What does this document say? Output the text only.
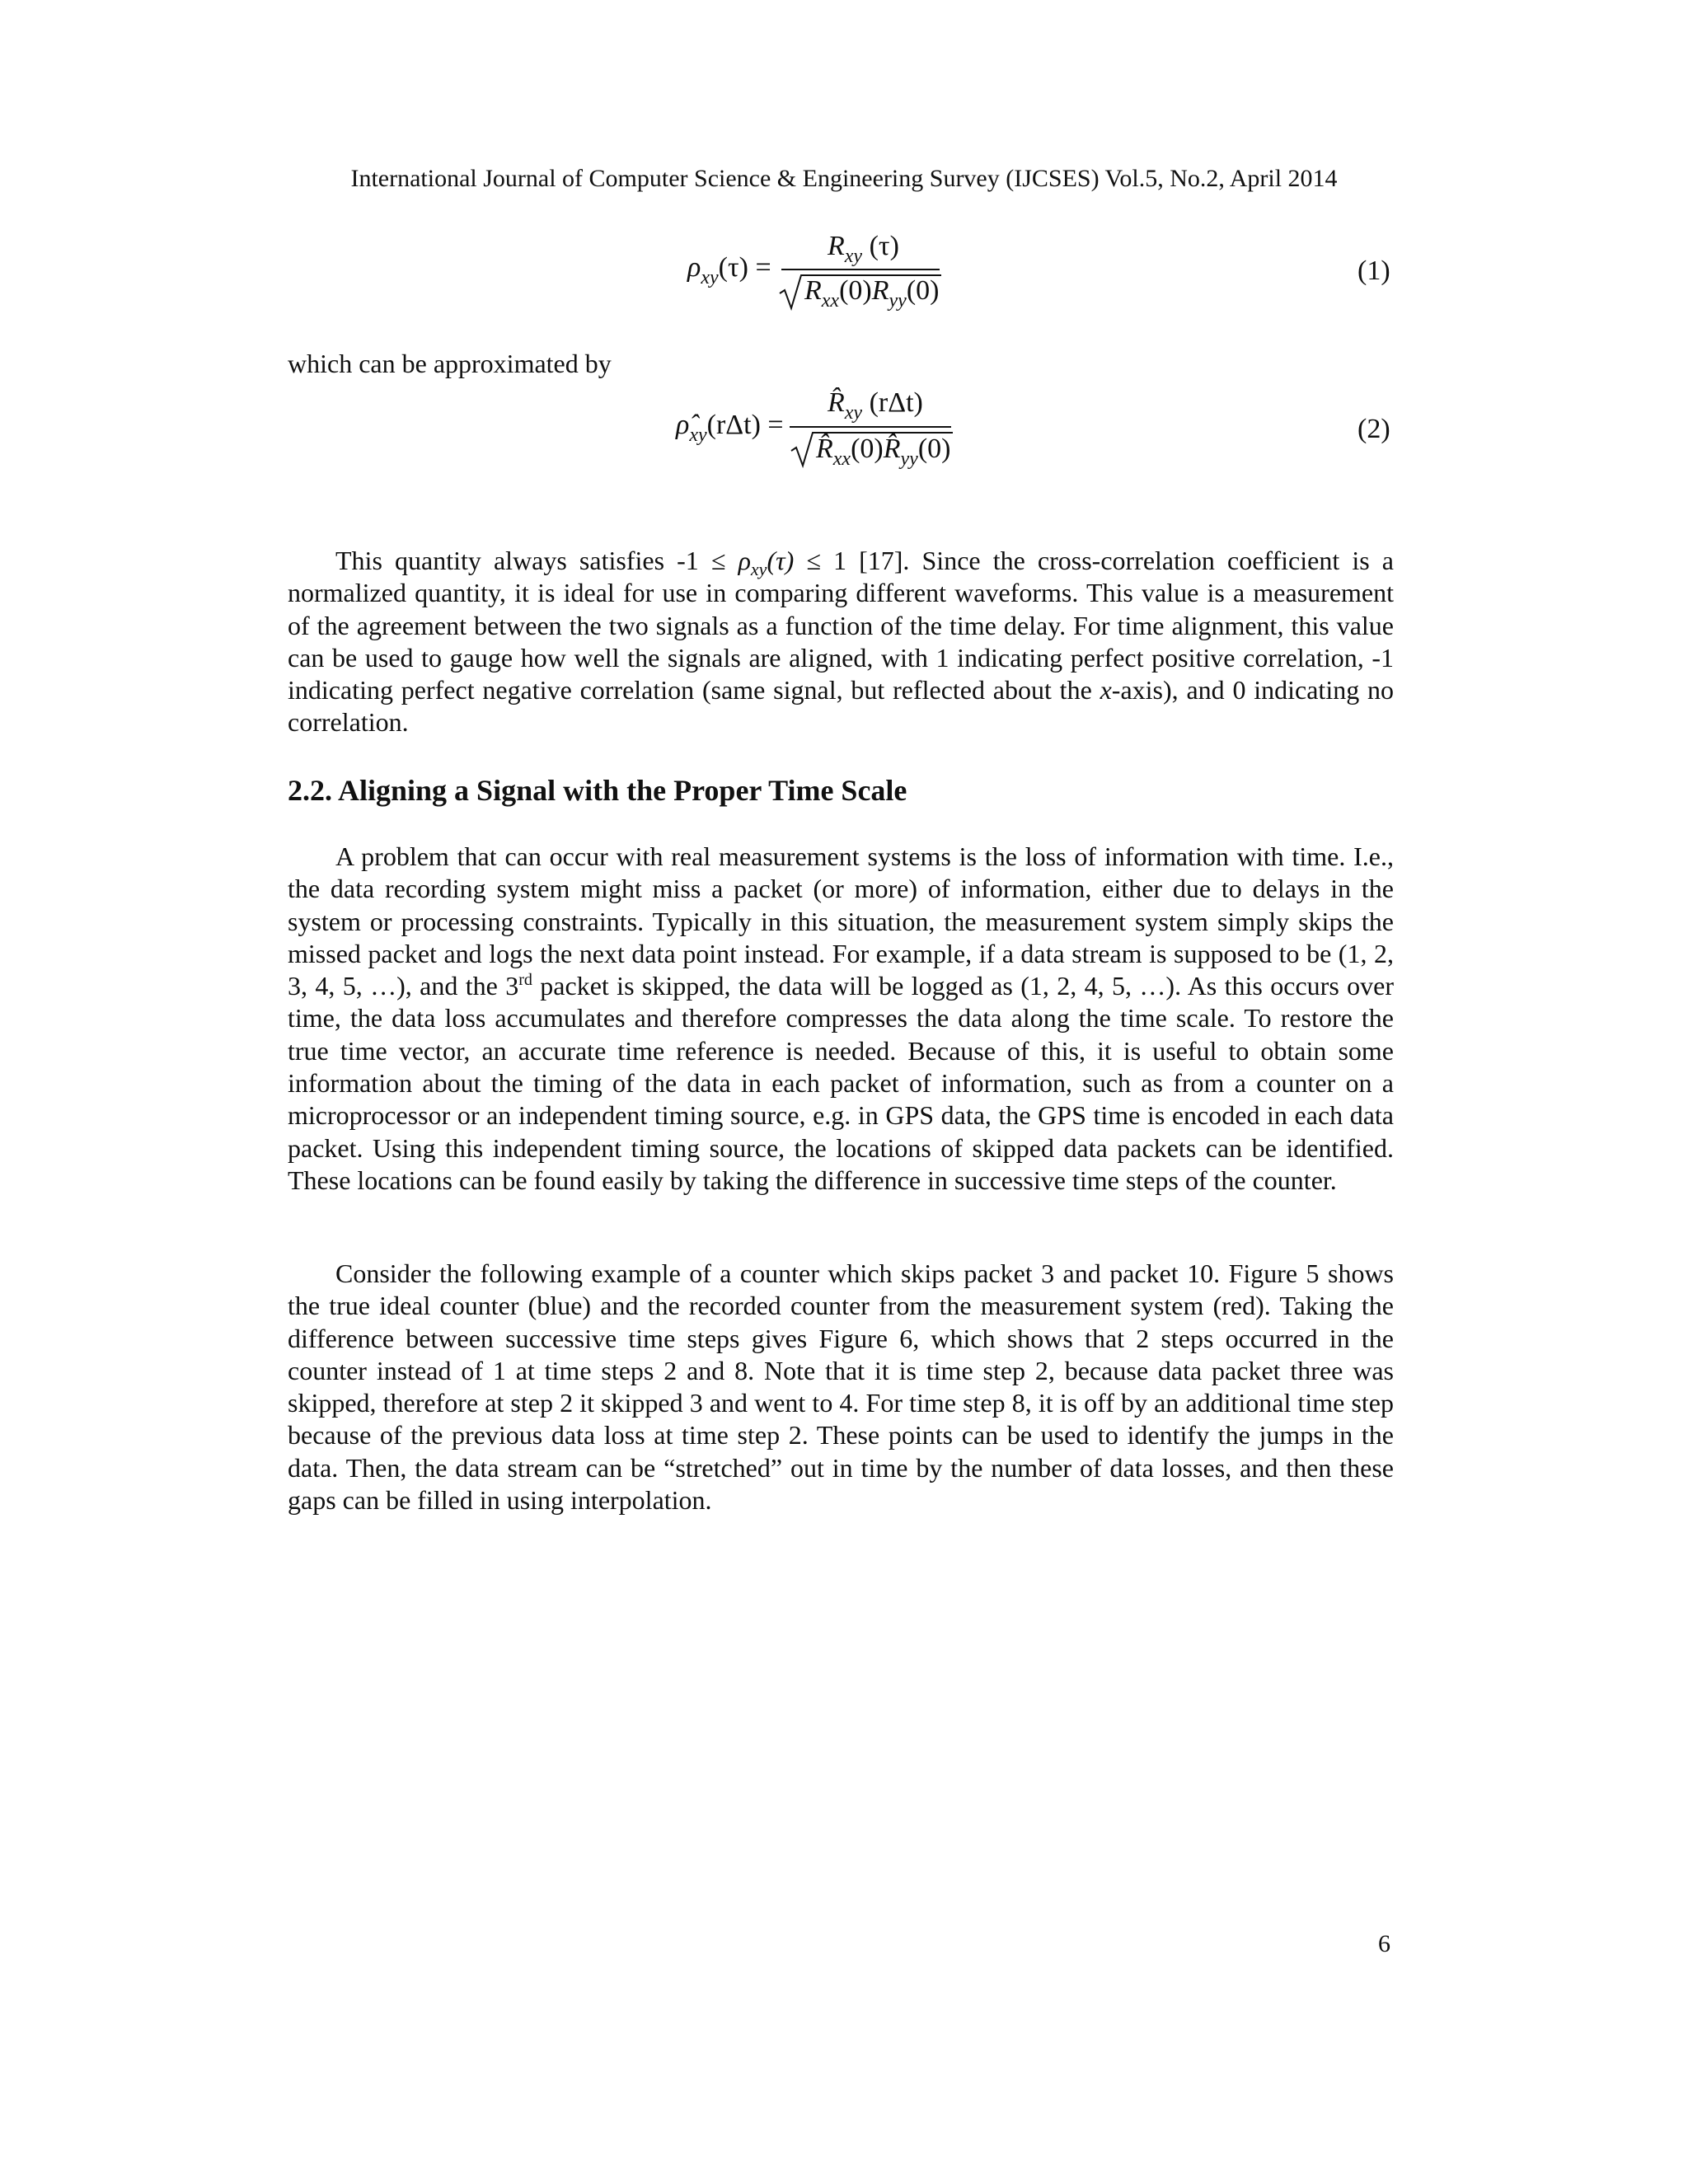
International Journal of Computer Science & Engineering Survey (IJCSES) Vol.5, No.2, April 2014
$\rho_{xy}(\tau)$ =
$R_{xy}$ (τ)
$R_{xx}(0)R_{yy}(0)$
(1)
which can be approximated by
$\rhô_{xy}(r\Delta t)$ =
$R̂_{xy}$ (rΔt)
$R̂_{xx}(0)R̂_{yy}(0)$
(2)
This quantity always satisfies $-1 \le \rho_{xy}(\tau) \le 1$ [17]. Since the cross-correlation coefficient is a normalized quantity, it is ideal for use in comparing different waveforms. This value is a measurement of the agreement between the two signals as a function of the time delay. For time alignment, this value can be used to gauge how well the signals are aligned, with 1 indicating perfect positive correlation, -1 indicating perfect negative correlation (same signal, but reflected about the x-axis), and 0 indicating no correlation.
2.2. Aligning a Signal with the Proper Time Scale
A problem that can occur with real measurement systems is the loss of information with time. I.e., the data recording system might miss a packet (or more) of information, either due to delays in the system or processing constraints. Typically in this situation, the measurement system simply skips the missed packet and logs the next data point instead. For example, if a data stream is supposed to be (1, 2, 3, 4, 5, …), and the 3rd packet is skipped, the data will be logged as (1, 2, 4, 5, …). As this occurs over time, the data loss accumulates and therefore compresses the data along the time scale. To restore the true time vector, an accurate time reference is needed. Because of this, it is useful to obtain some information about the timing of the data in each packet of information, such as from a counter on a microprocessor or an independent timing source, e.g. in GPS data, the GPS time is encoded in each data packet. Using this independent timing source, the locations of skipped data packets can be identified. These locations can be found easily by taking the difference in successive time steps of the counter.
Consider the following example of a counter which skips packet 3 and packet 10. Figure 5 shows the true ideal counter (blue) and the recorded counter from the measurement system (red). Taking the difference between successive time steps gives Figure 6, which shows that 2 steps occurred in the counter instead of 1 at time steps 2 and 8. Note that it is time step 2, because data packet three was skipped, therefore at step 2 it skipped 3 and went to 4. For time step 8, it is off by an additional time step because of the previous data loss at time step 2. These points can be used to identify the jumps in the data. Then, the data stream can be “stretched” out in time by the number of data losses, and then these gaps can be filled in using interpolation.
6
